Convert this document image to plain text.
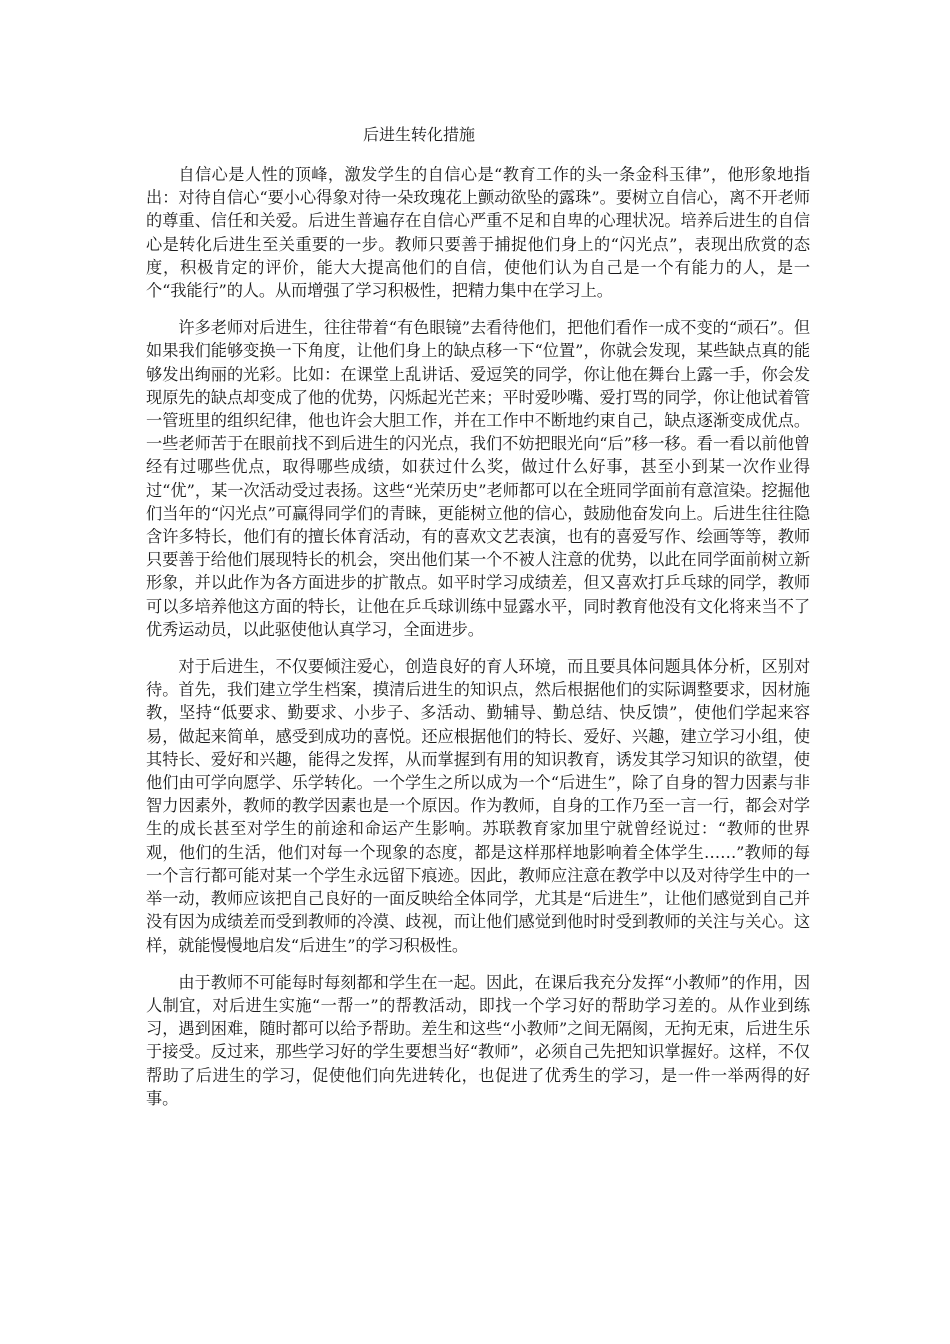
后进生转化措施

自信心是人性的顶峰，激发学生的自信心是“教育工作的头一条金科玉律”，他形象地指出：对待自信心“要小心得象对待一朵玫瑰花上颤动欲坠的露珠”。要树立自信心，离不开老师的尊重、信任和关爱。后进生普遍存在自信心严重不足和自卑的心理状况。培养后进生的自信心是转化后进生至关重要的一步。教师只要善于捕捉他们身上的“闪光点”，表现出欣赏的态度，积极肯定的评价，能大大提高他们的自信，使他们认为自己是一个有能力的人，是一个“我能行”的人。从而增强了学习积极性，把精力集中在学习上。

许多老师对后进生，往往带着“有色眼镜”去看待他们，把他们看作一成不变的“顽石”。但如果我们能够变换一下角度，让他们身上的缺点移一下“位置”，你就会发现，某些缺点真的能够发出绚丽的光彩。比如：在课堂上乱讲话、爱逗笑的同学，你让他在舞台上露一手，你会发现原先的缺点却变成了他的优势，闪烁起光芒来；平时爱吵嘴、爱打骂的同学，你让他试着管一管班里的组织纪律，他也许会大胆工作，并在工作中不断地约束自己，缺点逐渐变成优点。一些老师苦于在眼前找不到后进生的闪光点，我们不妨把眼光向“后”移一移。看一看以前他曾经有过哪些优点，取得哪些成绩，如获过什么奖，做过什么好事，甚至小到某一次作业得过“优”，某一次活动受过表扬。这些“光荣历史”老师都可以在全班同学面前有意渲染。挖掘他们当年的“闪光点”可赢得同学们的青睐，更能树立他的信心，鼓励他奋发向上。后进生往往隐含许多特长，他们有的擅长体育活动，有的喜欢文艺表演，也有的喜爱写作、绘画等等，教师只要善于给他们展现特长的机会，突出他们某一个不被人注意的优势，以此在同学面前树立新形象，并以此作为各方面进步的扩散点。如平时学习成绩差，但又喜欢打乒乓球的同学，教师可以多培养他这方面的特长，让他在乒乓球训练中显露水平，同时教育他没有文化将来当不了优秀运动员，以此驱使他认真学习，全面进步。

对于后进生，不仅要倾注爱心，创造良好的育人环境，而且要具体问题具体分析，区别对待。首先，我们建立学生档案，摸清后进生的知识点，然后根据他们的实际调整要求，因材施教，坚持“低要求、勤要求、小步子、多活动、勤辅导、勤总结、快反馈”，使他们学起来容易，做起来简单，感受到成功的喜悦。还应根据他们的特长、爱好、兴趣，建立学习小组，使其特长、爱好和兴趣，能得之发挥，从而掌握到有用的知识教育，诱发其学习知识的欲望，使他们由可学向愿学、乐学转化。一个学生之所以成为一个“后进生”，除了自身的智力因素与非智力因素外，教师的教学因素也是一个原因。作为教师，自身的工作乃至一言一行，都会对学生的成长甚至对学生的前途和命运产生影响。苏联教育家加里宁就曾经说过：“教师的世界观，他们的生活，他们对每一个现象的态度，都是这样那样地影响着全体学生……”教师的每一个言行都可能对某一个学生永远留下痕迹。因此，教师应注意在教学中以及对待学生中的一举一动，教师应该把自己良好的一面反映给全体同学，尤其是“后进生”，让他们感觉到自己并没有因为成绩差而受到教师的冷漠、歧视，而让他们感觉到他时时受到教师的关注与关心。这样，就能慢慢地启发“后进生”的学习积极性。

由于教师不可能每时每刻都和学生在一起。因此，在课后我充分发挥“小教师”的作用，因人制宜，对后进生实施“一帮一”的帮教活动，即找一个学习好的帮助学习差的。从作业到练习，遇到困难，随时都可以给予帮助。差生和这些“小教师”之间无隔阂，无拘无束，后进生乐于接受。反过来，那些学习好的学生要想当好“教师”，必须自己先把知识掌握好。这样，不仅帮助了后进生的学习，促使他们向先进转化，也促进了优秀生的学习，是一件一举两得的好事。
